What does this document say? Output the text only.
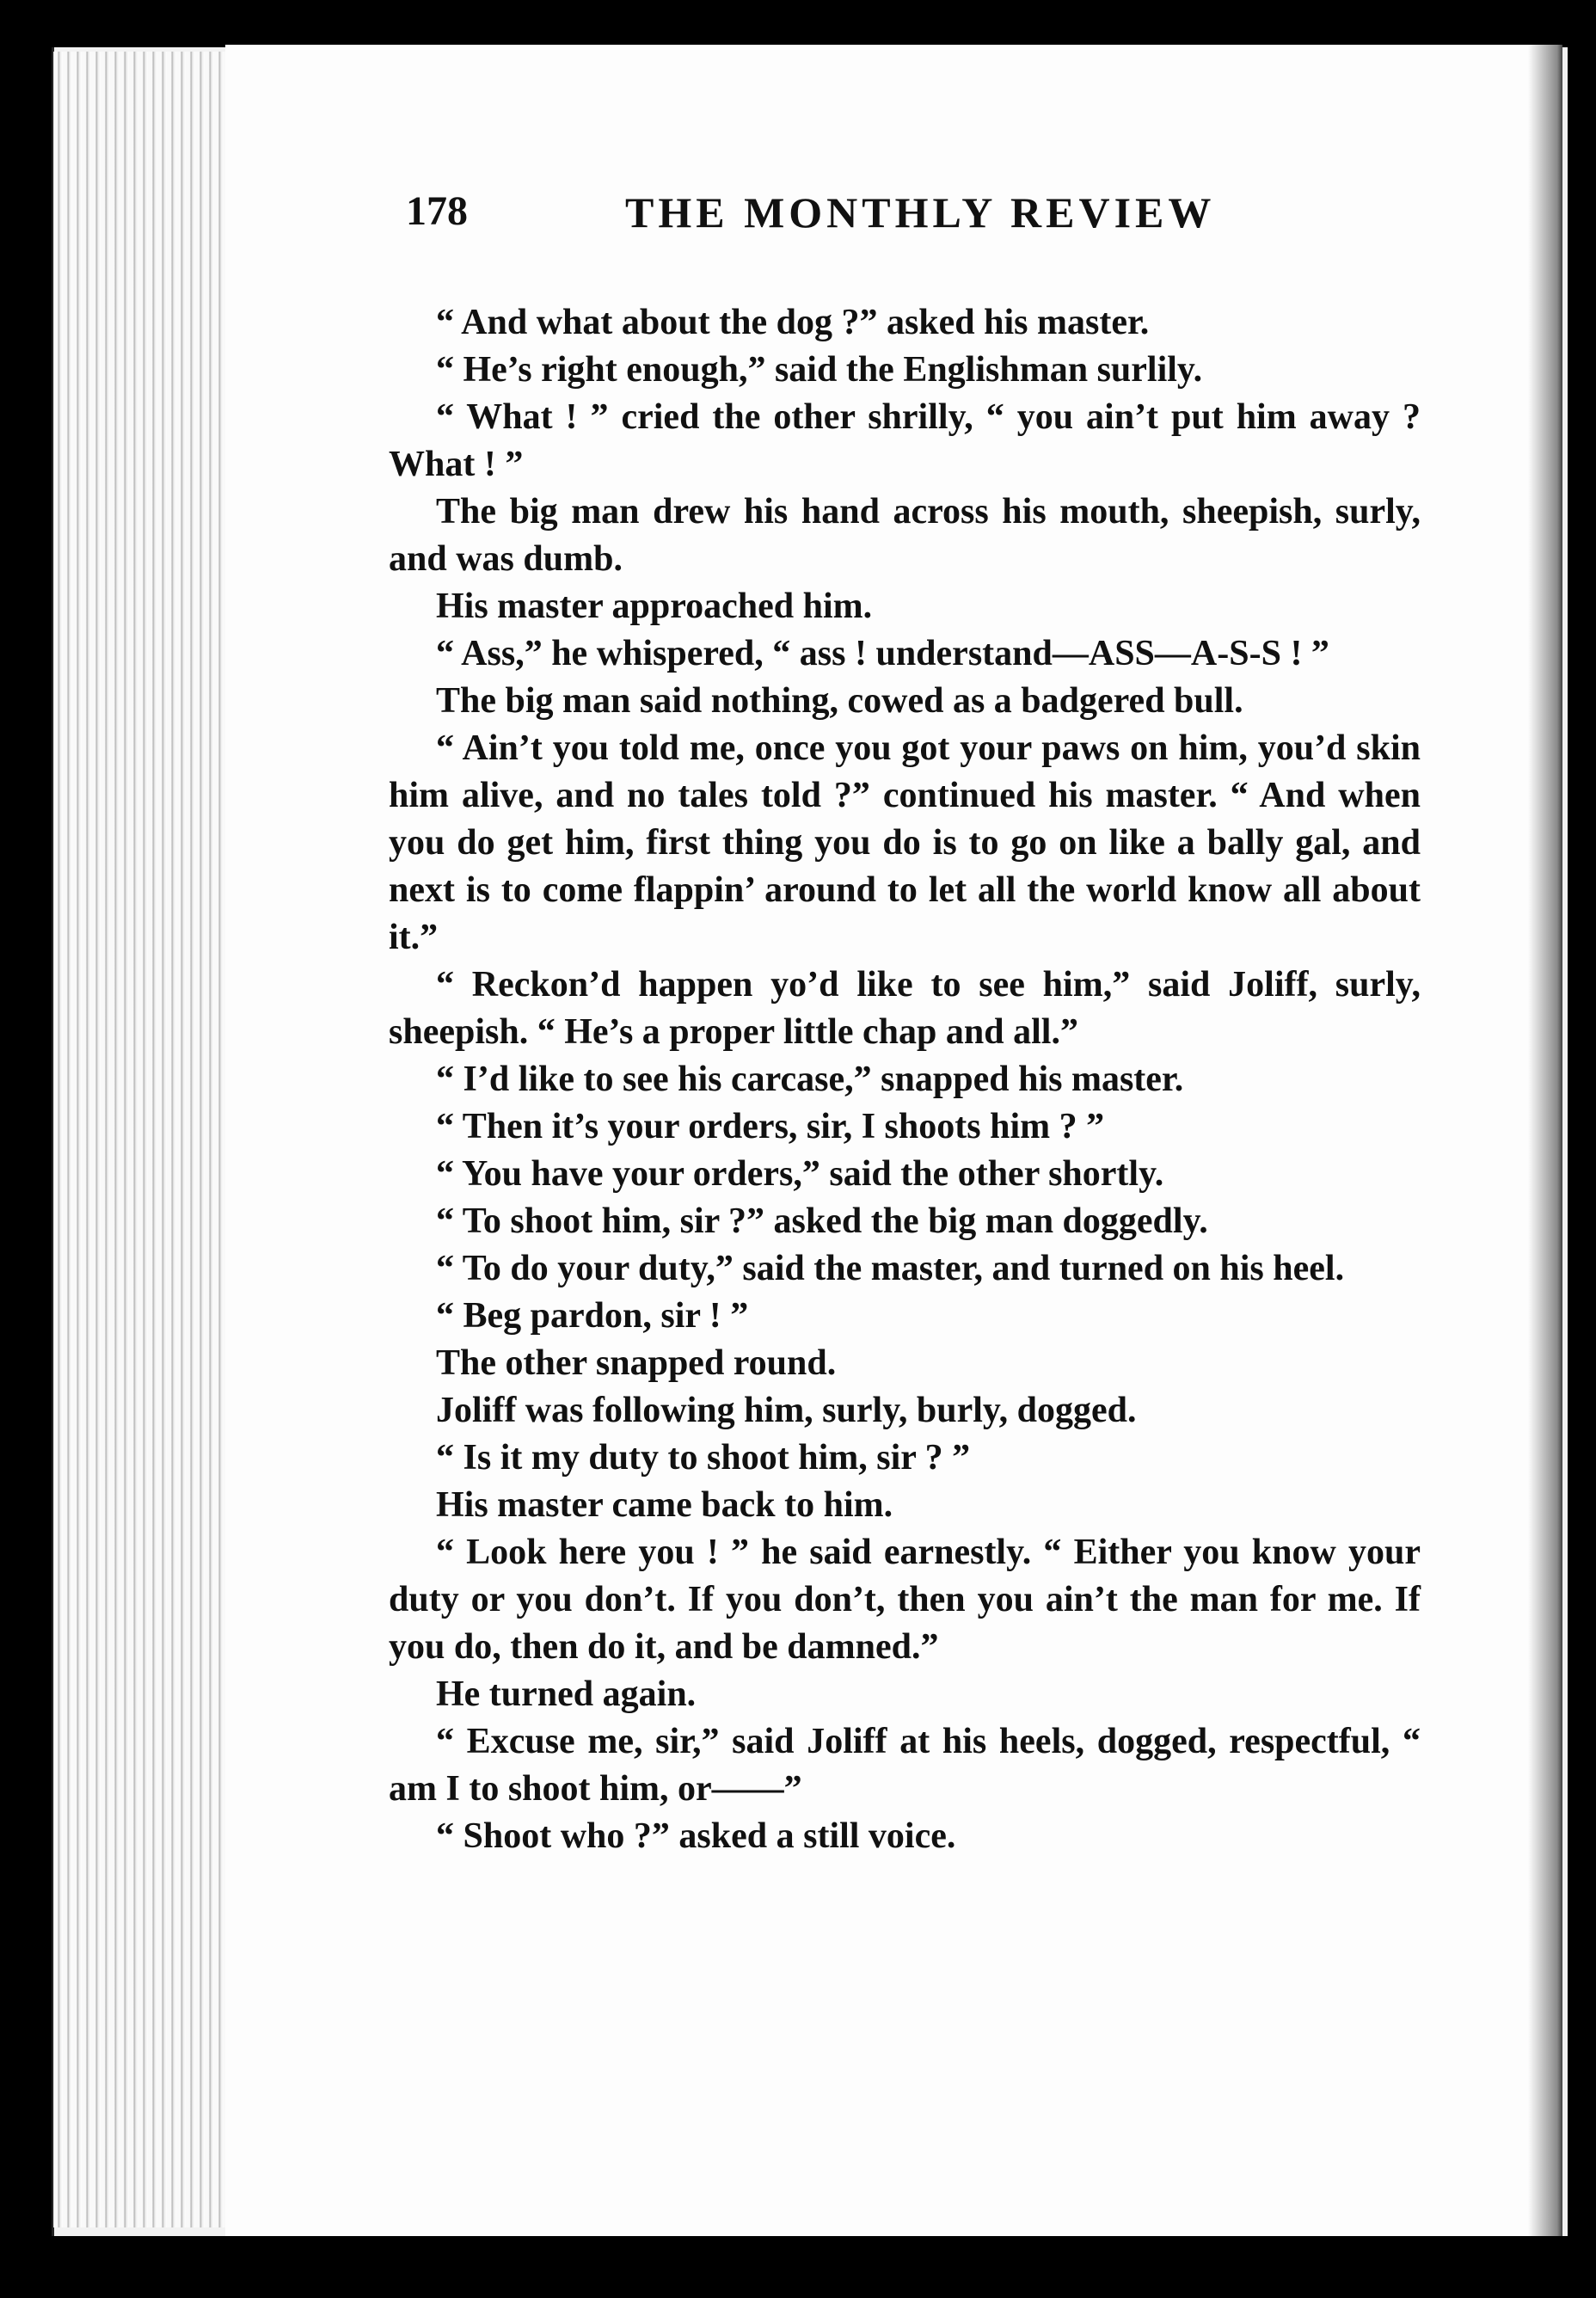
178	THE MONTHLY REVIEW

“ And what about the dog ?” asked his master.

“ He’s right enough,” said the Englishman surlily.

“ What ! ” cried the other shrilly, “ you ain’t put him away ? What ! ”

The big man drew his hand across his mouth, sheepish, surly, and was dumb.

His master approached him.

“ Ass,” he whispered, “ ass ! understand—ASS—A-S-S ! ”

The big man said nothing, cowed as a badgered bull.

“ Ain’t you told me, once you got your paws on him, you’d skin him alive, and no tales told ?” continued his master. “ And when you do get him, first thing you do is to go on like a bally gal, and next is to come flappin’ around to let all the world know all about it.”

“ Reckon’d happen yo’d like to see him,” said Joliff, surly, sheepish. “ He’s a proper little chap and all.”

“ I’d like to see his carcase,” snapped his master.

“ Then it’s your orders, sir, I shoots him ? ”

“ You have your orders,” said the other shortly.

“ To shoot him, sir ?” asked the big man doggedly.

“ To do your duty,” said the master, and turned on his heel.

“ Beg pardon, sir ! ”

The other snapped round.

Joliff was following him, surly, burly, dogged.

“ Is it my duty to shoot him, sir ? ”

His master came back to him.

“ Look here you ! ” he said earnestly. “ Either you know your duty or you don’t. If you don’t, then you ain’t the man for me. If you do, then do it, and be damned.”

He turned again.

“ Excuse me, sir,” said Joliff at his heels, dogged, respectful, “ am I to shoot him, or——”

“ Shoot who ?” asked a still voice.
